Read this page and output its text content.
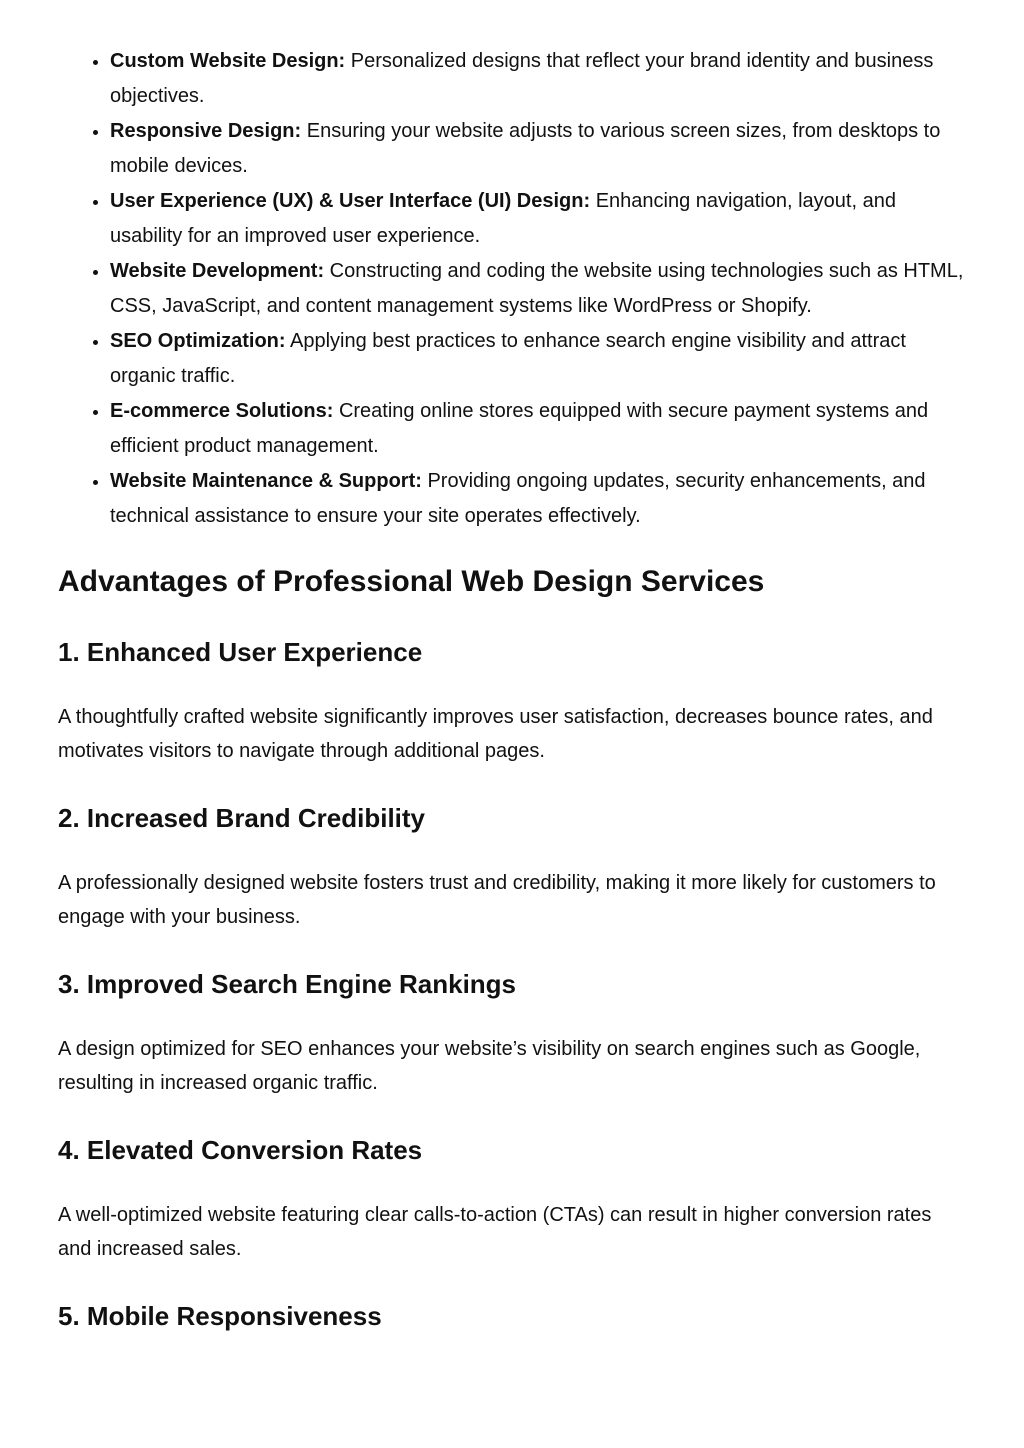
• Custom Website Design: Personalized designs that reflect your brand identity and business objectives.
• Responsive Design: Ensuring your website adjusts to various screen sizes, from desktops to mobile devices.
• User Experience (UX) & User Interface (UI) Design: Enhancing navigation, layout, and usability for an improved user experience.
• Website Development: Constructing and coding the website using technologies such as HTML, CSS, JavaScript, and content management systems like WordPress or Shopify.
• SEO Optimization: Applying best practices to enhance search engine visibility and attract organic traffic.
• E-commerce Solutions: Creating online stores equipped with secure payment systems and efficient product management.
• Website Maintenance & Support: Providing ongoing updates, security enhancements, and technical assistance to ensure your site operates effectively.
Advantages of Professional Web Design Services
1. Enhanced User Experience

A thoughtfully crafted website significantly improves user satisfaction, decreases bounce rates, and motivates visitors to navigate through additional pages.

2. Increased Brand Credibility

A professionally designed website fosters trust and credibility, making it more likely for customers to engage with your business.

3. Improved Search Engine Rankings

A design optimized for SEO enhances your website’s visibility on search engines such as Google, resulting in increased organic traffic.

4. Elevated Conversion Rates

A well-optimized website featuring clear calls-to-action (CTAs) can result in higher conversion rates and increased sales.

5. Mobile Responsiveness
